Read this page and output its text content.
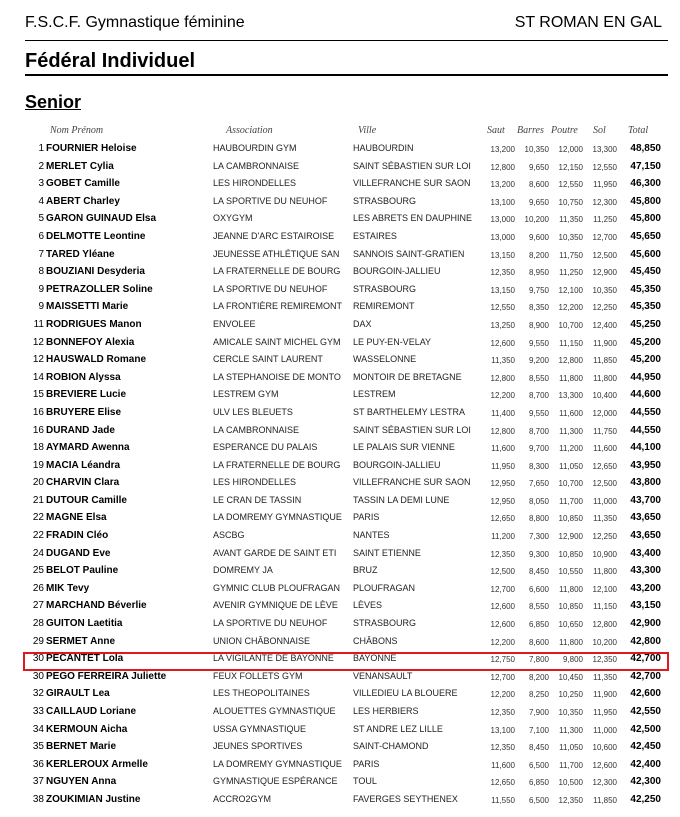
F.S.C.F. Gymnastique féminine	ST ROMAN EN GAL
Fédéral Individuel
Senior
Nom Prénom	Association	Ville	Saut Barres Poutre Sol Total
1 FOURNIER Heloise	HAUBOURDIN GYM	HAUBOURDIN	13,200	10,350	12,000	13,300	48,850
2 MERLET Cylia	LA CAMBRONNAISE	SAINT SÉBASTIEN SUR LOI	12,800	9,650	12,150	12,550	47,150
3 GOBET Camille	LES HIRONDELLES	VILLEFRANCHE SUR SAON	13,200	8,600	12,550	11,950	46,300
4 ABERT Charley	LA SPORTIVE DU NEUHOF	STRASBOURG	13,100	9,650	10,750	12,300	45,800
5 GARON GUINAUD Elsa	OXYGYM	LES ABRETS EN DAUPHINE	13,000	10,200	11,350	11,250	45,800
6 DELMOTTE Leontine	JEANNE D'ARC ESTAIROISE	ESTAIRES	13,000	9,600	10,350	12,700	45,650
7 TARED Yléane	JEUNESSE ATHLÉTIQUE SAN	SANNOIS SAINT-GRATIEN	13,150	8,200	11,750	12,500	45,600
8 BOUZIANI Desyderia	LA FRATERNELLE DE BOURG	BOURGOIN-JALLIEU	12,350	8,950	11,250	12,900	45,450
9 PETRAZOLLER Soline	LA SPORTIVE DU NEUHOF	STRASBOURG	13,150	9,750	12,100	10,350	45,350
9 MAISSETTI Marie	LA FRONTIÈRE REMIREMONT	REMIREMONT	12,550	8,350	12,200	12,250	45,350
11 RODRIGUES Manon	ENVOLEE	DAX	13,250	8,900	10,700	12,400	45,250
12 BONNEFOY Alexia	AMICALE SAINT MICHEL GYM	LE PUY-EN-VELAY	12,600	9,550	11,150	11,900	45,200
12 HAUSWALD Romane	CERCLE SAINT LAURENT	WASSELONNE	11,350	9,200	12,800	11,850	45,200
14 ROBION Alyssa	LA STEPHANOISE DE MONTO	MONTOIR DE BRETAGNE	12,800	8,550	11,800	11,800	44,950
15 BREVIERE Lucie	LESTREM GYM	LESTREM	12,200	8,700	13,300	10,400	44,600
16 BRUYERE Elise	ULV LES BLEUETS	ST BARTHELEMY LESTRA	11,400	9,550	11,600	12,000	44,550
16 DURAND Jade	LA CAMBRONNAISE	SAINT SÉBASTIEN SUR LOI	12,800	8,700	11,300	11,750	44,550
18 AYMARD Awenna	ESPERANCE DU PALAIS	LE PALAIS SUR VIENNE	11,600	9,700	11,200	11,600	44,100
19 MACIA Léandra	LA FRATERNELLE DE BOURG	BOURGOIN-JALLIEU	11,950	8,300	11,050	12,650	43,950
20 CHARVIN Clara	LES HIRONDELLES	VILLEFRANCHE SUR SAON	12,950	7,650	10,700	12,500	43,800
21 DUTOUR Camille	LE CRAN DE TASSIN	TASSIN LA DEMI LUNE	12,950	8,050	11,700	11,000	43,700
22 MAGNE Elsa	LA DOMREMY GYMNASTIQUE	PARIS	12,650	8,800	10,850	11,350	43,650
22 FRADIN Cléo	ASCBG	NANTES	11,200	7,300	12,900	12,250	43,650
24 DUGAND Eve	AVANT GARDE DE SAINT ETI	SAINT ETIENNE	12,350	9,300	10,850	10,900	43,400
25 BELOT Pauline	DOMREMY JA	BRUZ	12,500	8,450	10,550	11,800	43,300
26 MIK Tevy	GYMNIC CLUB PLOUFRAGAN	PLOUFRAGAN	12,700	6,600	11,800	12,100	43,200
27 MARCHAND Béverlie	AVENIR GYMNIQUE DE LÈVE	LÈVES	12,600	8,550	10,850	11,150	43,150
28 GUITON Laetitia	LA SPORTIVE DU NEUHOF	STRASBOURG	12,600	6,850	10,650	12,800	42,900
29 SERMET Anne	UNION CHÂBONNAISE	CHÂBONS	12,200	8,600	11,800	10,200	42,800
30 PECANTET Lola	LA VIGILANTE DE BAYONNE	BAYONNE	12,750	7,800	9,800	12,350	42,700
30 PEGO FERREIRA Juliette	FEUX FOLLETS GYM	VENANSAULT	12,700	8,200	10,450	11,350	42,700
32 GIRAULT Lea	LES THEOPOLITAINES	VILLEDIEU LA BLOUERE	12,200	8,250	10,250	11,900	42,600
33 CAILLAUD Loriane	ALOUETTES GYMNASTIQUE	LES HERBIERS	12,350	7,900	10,350	11,950	42,550
34 KERMOUN Aicha	USSA GYMNASTIQUE	ST ANDRE LEZ LILLE	13,100	7,100	11,300	11,000	42,500
35 BERNET Marie	JEUNES SPORTIVES	SAINT-CHAMOND	12,350	8,450	11,050	10,600	42,450
36 KERLEROUX Armelle	LA DOMREMY GYMNASTIQUE	PARIS	11,600	6,500	11,700	12,600	42,400
37 NGUYEN Anna	GYMNASTIQUE ESPÉRANCE	TOUL	12,650	6,850	10,500	12,300	42,300
38 ZOUKIMIAN Justine	ACCRO2GYM	FAVERGES SEYTHENEX	11,550	6,500	12,350	11,850	42,250
